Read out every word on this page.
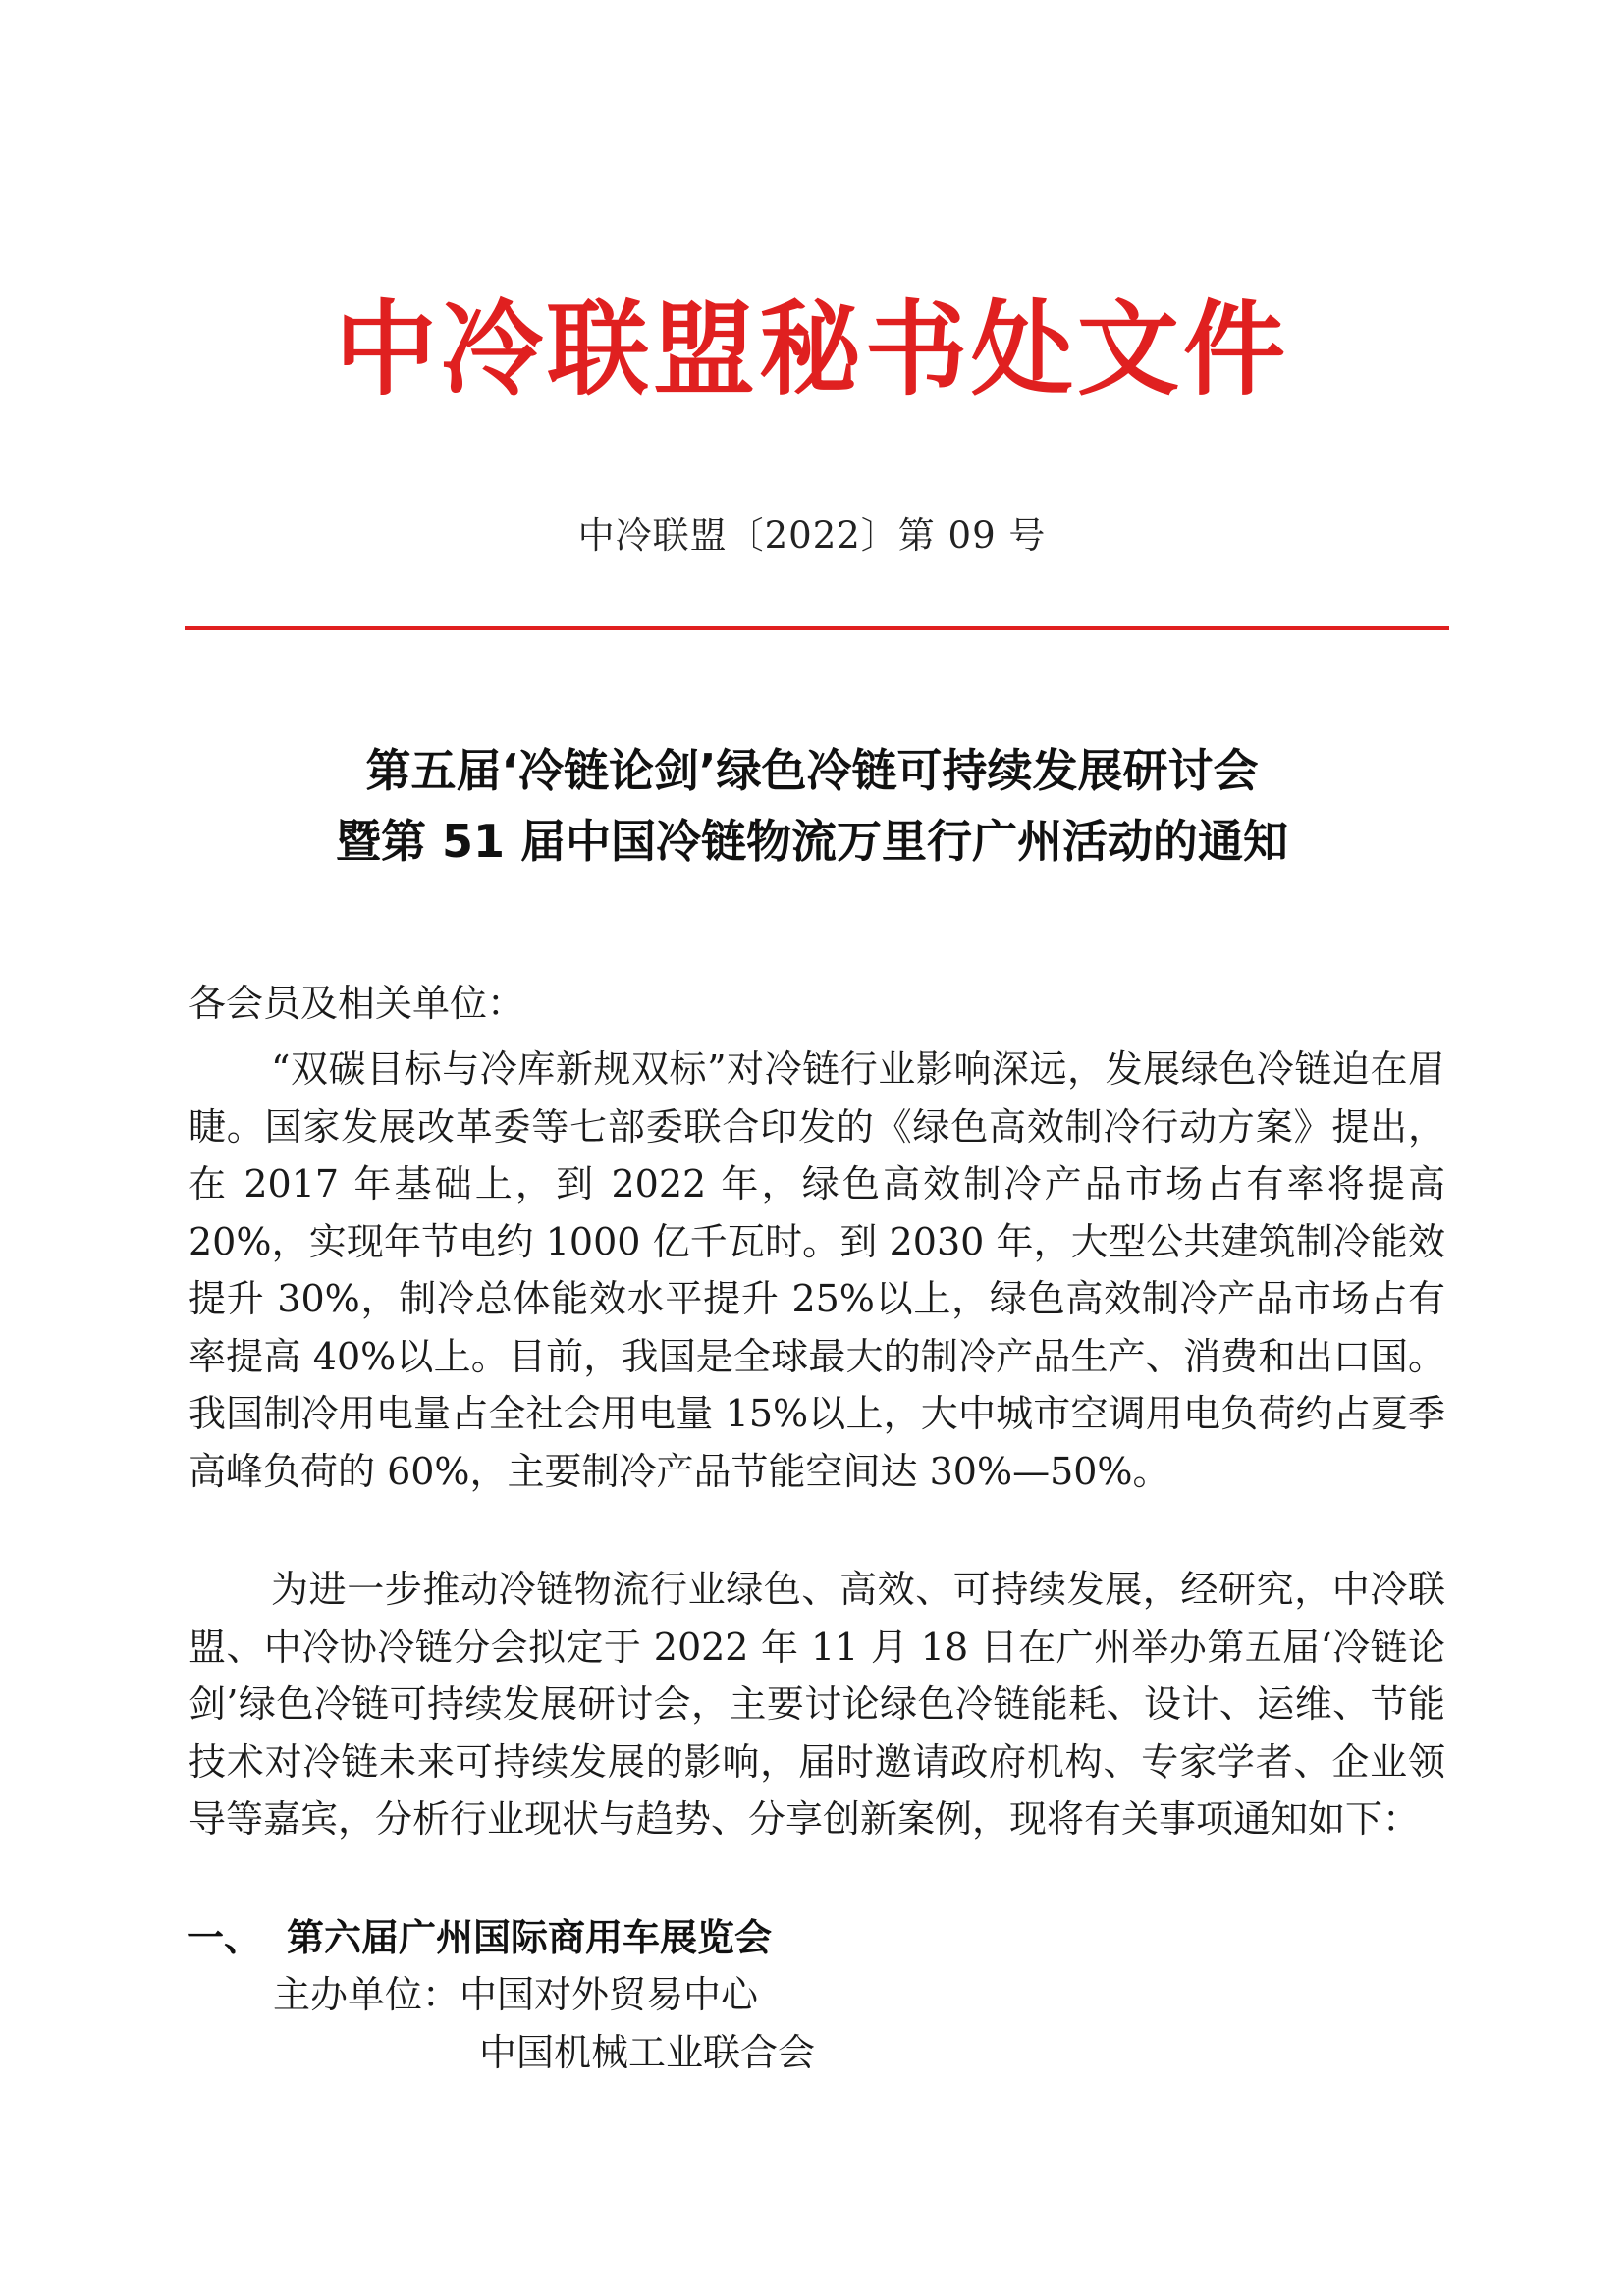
中冷联盟秘书处文件
中冷联盟〔2022〕第 09 号
第五届‘冷链论剑’绿色冷链可持续发展研讨会
暨第 51 届中国冷链物流万里行广州活动的通知
各会员及相关单位：
“双碳目标与冷库新规双标”对冷链行业影响深远，发展绿色冷链迫在眉睫。国家发展改革委等七部委联合印发的《绿色高效制冷行动方案》提出，在 2017 年基础上，到 2022 年，绿色高效制冷产品市场占有率将提高 20%，实现年节电约 1000 亿千瓦时。到 2030 年，大型公共建筑制冷能效提升 30%，制冷总体能效水平提升 25%以上，绿色高效制冷产品市场占有率提高 40%以上。目前，我国是全球最大的制冷产品生产、消费和出口国。我国制冷用电量占全社会用电量 15%以上，大中城市空调用电负荷约占夏季高峰负荷的 60%，主要制冷产品节能空间达 30%—50%。
为进一步推动冷链物流行业绿色、高效、可持续发展，经研究，中冷联盟、中冷协冷链分会拟定于 2022 年 11 月 18 日在广州举办第五届‘冷链论剑’绿色冷链可持续发展研讨会，主要讨论绿色冷链能耗、设计、运维、节能技术对冷链未来可持续发展的影响，届时邀请政府机构、专家学者、企业领导等嘉宾，分析行业现状与趋势、分享创新案例，现将有关事项通知如下：
一、 第六届广州国际商用车展览会
主办单位：中国对外贸易中心
中国机械工业联合会
